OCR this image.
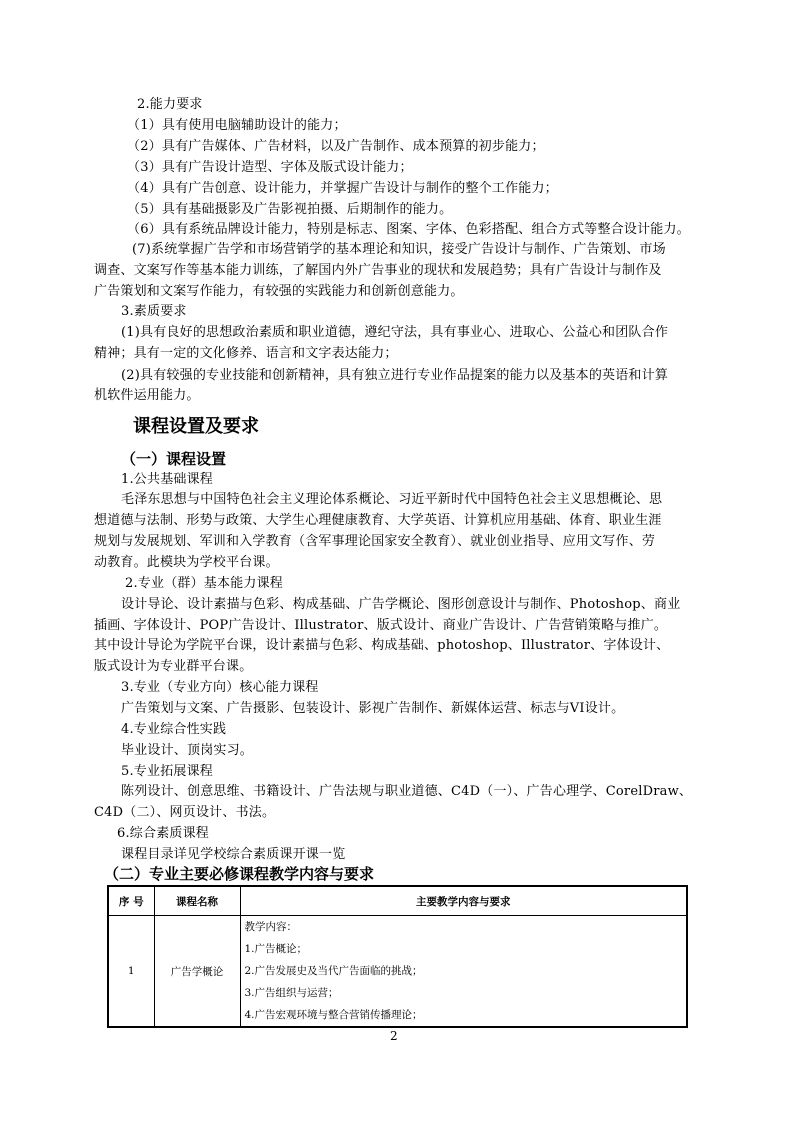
2.能力要求
（1）具有使用电脑辅助设计的能力；
（2）具有广告媒体、广告材料，以及广告制作、成本预算的初步能力；
（3）具有广告设计造型、字体及版式设计能力；
（4）具有广告创意、设计能力，并掌握广告设计与制作的整个工作能力；
（5）具有基础摄影及广告影视拍摄、后期制作的能力。
（6）具有系统品牌设计能力，特别是标志、图案、字体、色彩搭配、组合方式等整合设计能力。
(7)系统掌握广告学和市场营销学的基本理论和知识，接受广告设计与制作、广告策划、市场
调查、文案写作等基本能力训练，了解国内外广告事业的现状和发展趋势；具有广告设计与制作及
广告策划和文案写作能力，有较强的实践能力和创新创意能力。
3.素质要求
(1)具有良好的思想政治素质和职业道德，遵纪守法，具有事业心、进取心、公益心和团队合作
精神；具有一定的文化修养、语言和文字表达能力；
(2)具有较强的专业技能和创新精神，具有独立进行专业作品提案的能力以及基本的英语和计算
机软件运用能力。
课程设置及要求
（一）课程设置
1.公共基础课程
毛泽东思想与中国特色社会主义理论体系概论、习近平新时代中国特色社会主义思想概论、思
想道德与法制、形势与政策、大学生心理健康教育、大学英语、计算机应用基础、体育、职业生涯
规划与发展规划、军训和入学教育（含军事理论国家安全教育）、就业创业指导、应用文写作、劳
动教育。此模块为学校平台课。
2.专业（群）基本能力课程
设计导论、设计素描与色彩、构成基础、广告学概论、图形创意设计与制作、Photoshop、商业
插画、字体设计、POP广告设计、Illustrator、版式设计、商业广告设计、广告营销策略与推广。
其中设计导论为学院平台课，设计素描与色彩、构成基础、photoshop、Illustrator、字体设计、
版式设计为专业群平台课。
3.专业（专业方向）核心能力课程
广告策划与文案、广告摄影、包装设计、影视广告制作、新媒体运营、标志与VI设计。
4.专业综合性实践
毕业设计、顶岗实习。
5.专业拓展课程
陈列设计、创意思维、书籍设计、广告法规与职业道德、C4D（一）、广告心理学、CorelDraw、
C4D（二）、网页设计、书法。
6.综合素质课程
课程目录详见学校综合素质课开课一览
（二）专业主要必修课程教学内容与要求
序 号	课程名称	主要教学内容与要求
1	广告学概论	教学内容：
1.广告概论；
2.广告发展史及当代广告面临的挑战；
3.广告组织与运营；
4.广告宏观环境与整合营销传播理论；
2
